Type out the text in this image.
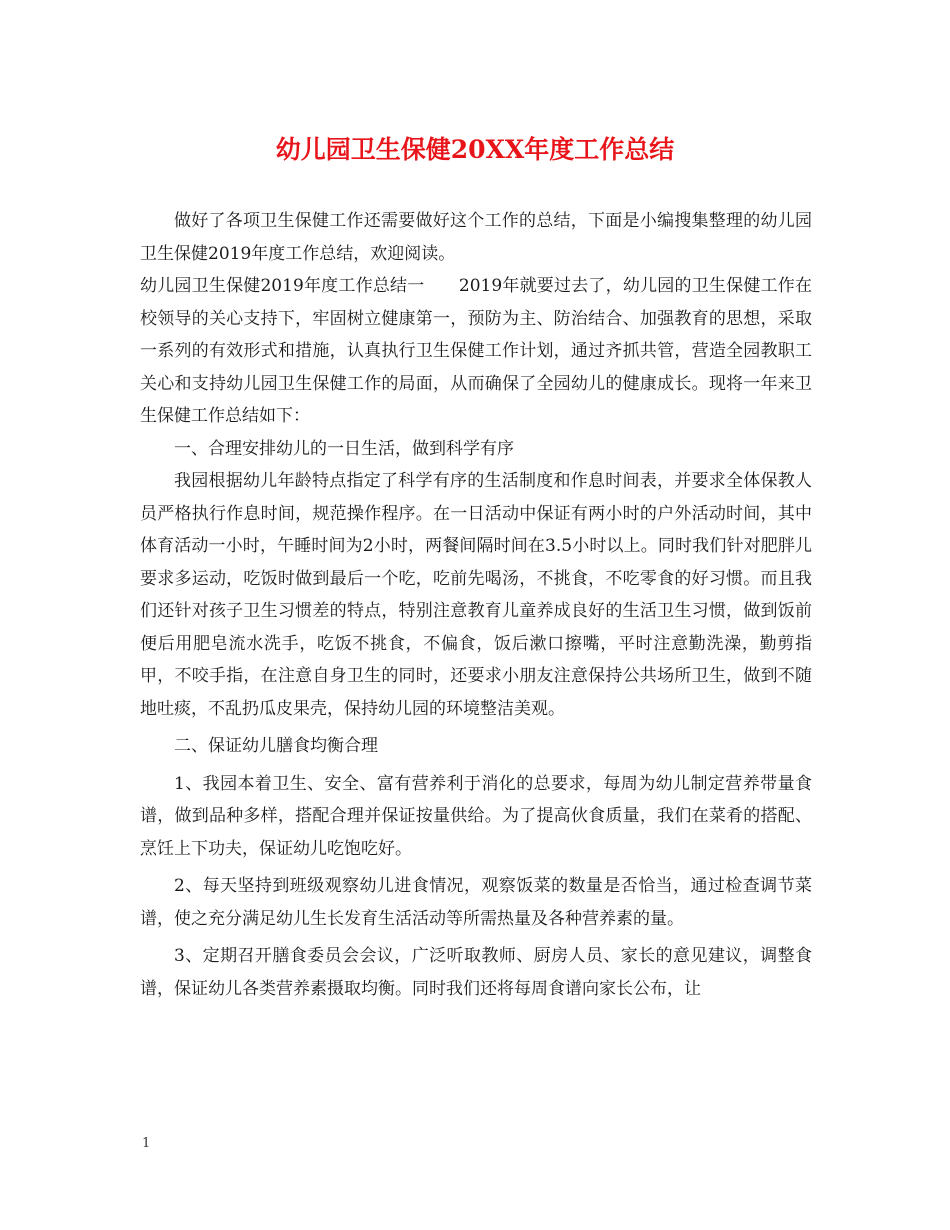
幼儿园卫生保健20XX年度工作总结

做好了各项卫生保健工作还需要做好这个工作的总结，下面是小编搜集整理的幼儿园卫生保健2019年度工作总结，欢迎阅读。

幼儿园卫生保健2019年度工作总结一　　2019年就要过去了，幼儿园的卫生保健工作在校领导的关心支持下，牢固树立健康第一，预防为主、防治结合、加强教育的思想，采取一系列的有效形式和措施，认真执行卫生保健工作计划，通过齐抓共管，营造全园教职工关心和支持幼儿园卫生保健工作的局面，从而确保了全园幼儿的健康成长。现将一年来卫生保健工作总结如下：

一、合理安排幼儿的一日生活，做到科学有序

我园根据幼儿年龄特点指定了科学有序的生活制度和作息时间表，并要求全体保教人员严格执行作息时间，规范操作程序。在一日活动中保证有两小时的户外活动时间，其中体育活动一小时，午睡时间为2小时，两餐间隔时间在3.5小时以上。同时我们针对肥胖儿要求多运动，吃饭时做到最后一个吃，吃前先喝汤，不挑食，不吃零食的好习惯。而且我们还针对孩子卫生习惯差的特点，特别注意教育儿童养成良好的生活卫生习惯，做到饭前便后用肥皂流水洗手，吃饭不挑食，不偏食，饭后漱口擦嘴，平时注意勤洗澡，勤剪指甲，不咬手指，在注意自身卫生的同时，还要求小朋友注意保持公共场所卫生，做到不随地吐痰，不乱扔瓜皮果壳，保持幼儿园的环境整洁美观。

二、保证幼儿膳食均衡合理

1、我园本着卫生、安全、富有营养利于消化的总要求，每周为幼儿制定营养带量食谱，做到品种多样，搭配合理并保证按量供给。为了提高伙食质量，我们在菜肴的搭配、烹饪上下功夫，保证幼儿吃饱吃好。

2、每天坚持到班级观察幼儿进食情况，观察饭菜的数量是否恰当，通过检查调节菜谱，使之充分满足幼儿生长发育生活活动等所需热量及各种营养素的量。

3、定期召开膳食委员会会议，广泛听取教师、厨房人员、家长的意见建议，调整食谱，保证幼儿各类营养素摄取均衡。同时我们还将每周食谱向家长公布，让

1
